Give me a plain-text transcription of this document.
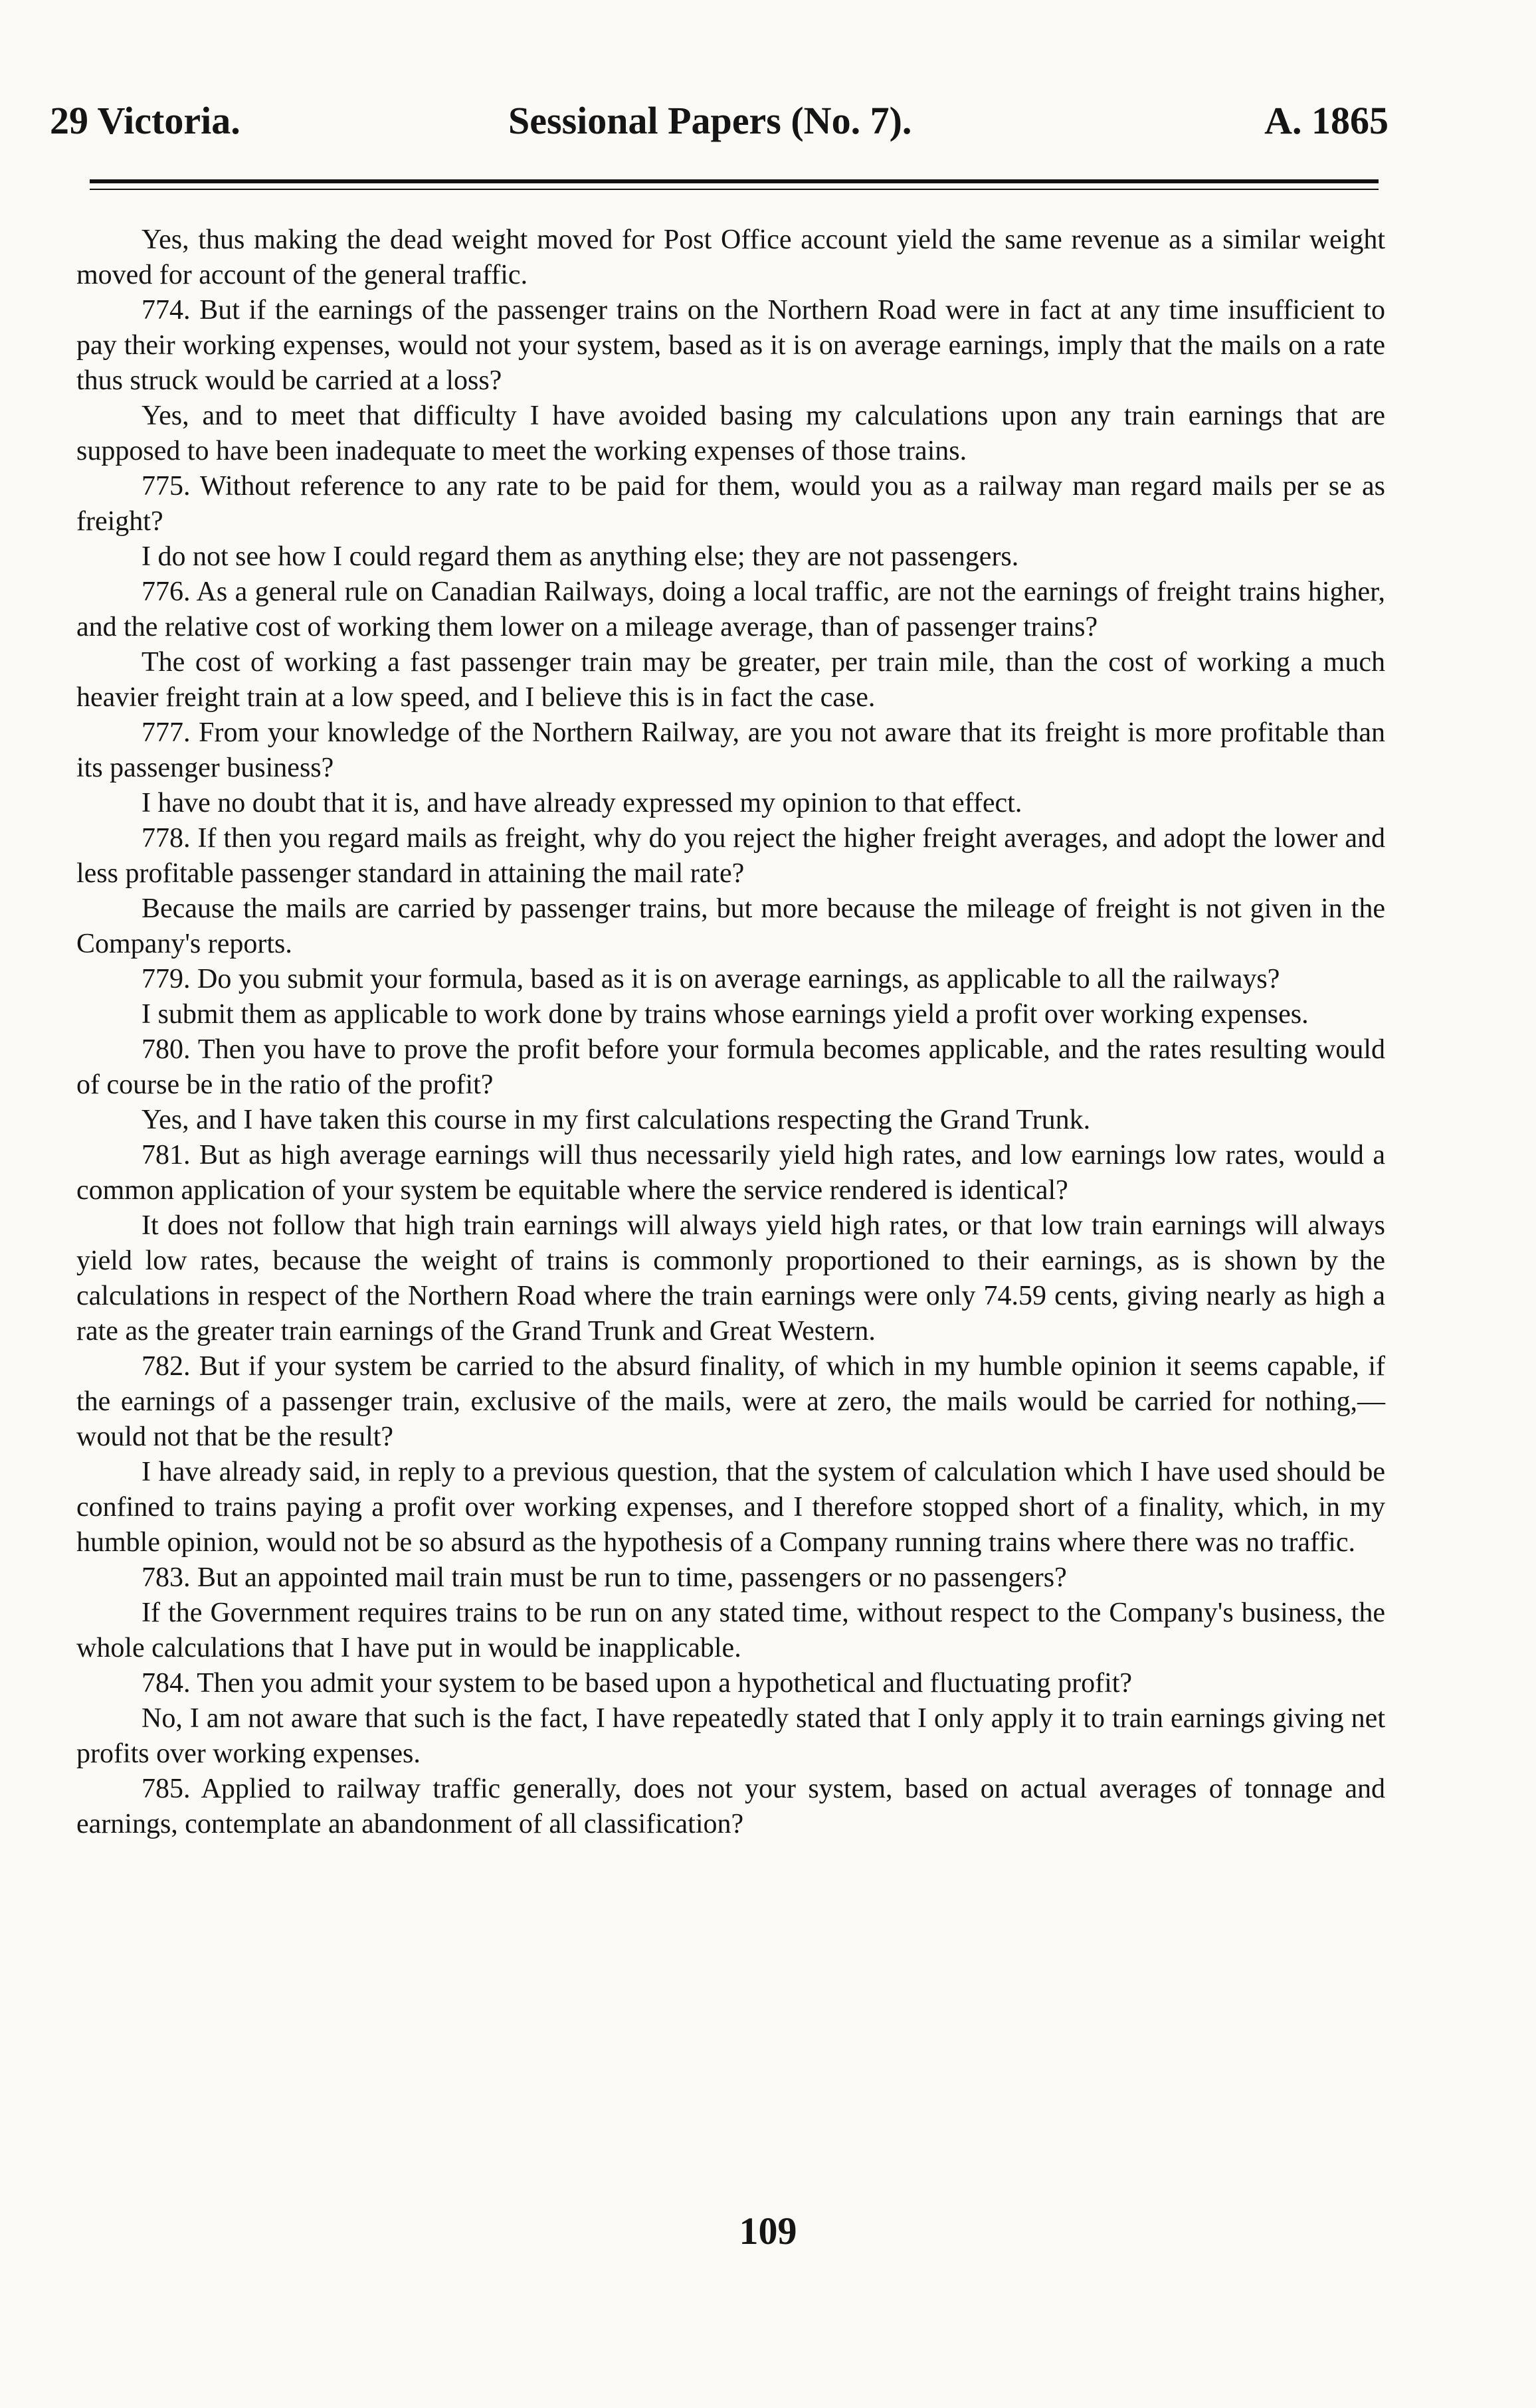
29 Victoria.	Sessional Papers (No. 7).	A. 1865

Yes, thus making the dead weight moved for Post Office account yield the same revenue as a similar weight moved for account of the general traffic.

774. But if the earnings of the passenger trains on the Northern Road were in fact at any time insufficient to pay their working expenses, would not your system, based as it is on average earnings, imply that the mails on a rate thus struck would be carried at a loss?

Yes, and to meet that difficulty I have avoided basing my calculations upon any train earnings that are supposed to have been inadequate to meet the working expenses of those trains.

775. Without reference to any rate to be paid for them, would you as a railway man regard mails per se as freight?

I do not see how I could regard them as anything else; they are not passengers.

776. As a general rule on Canadian Railways, doing a local traffic, are not the earnings of freight trains higher, and the relative cost of working them lower on a mileage average, than of passenger trains?

The cost of working a fast passenger train may be greater, per train mile, than the cost of working a much heavier freight train at a low speed, and I believe this is in fact the case.

777. From your knowledge of the Northern Railway, are you not aware that its freight is more profitable than its passenger business?

I have no doubt that it is, and have already expressed my opinion to that effect.

778. If then you regard mails as freight, why do you reject the higher freight averages, and adopt the lower and less profitable passenger standard in attaining the mail rate?

Because the mails are carried by passenger trains, but more because the mileage of freight is not given in the Company's reports.

779. Do you submit your formula, based as it is on average earnings, as applicable to all the railways?

I submit them as applicable to work done by trains whose earnings yield a profit over working expenses.

780. Then you have to prove the profit before your formula becomes applicable, and the rates resulting would of course be in the ratio of the profit?

Yes, and I have taken this course in my first calculations respecting the Grand Trunk.

781. But as high average earnings will thus necessarily yield high rates, and low earnings low rates, would a common application of your system be equitable where the service rendered is identical?

It does not follow that high train earnings will always yield high rates, or that low train earnings will always yield low rates, because the weight of trains is commonly proportioned to their earnings, as is shown by the calculations in respect of the Northern Road where the train earnings were only 74.59 cents, giving nearly as high a rate as the greater train earnings of the Grand Trunk and Great Western.

782. But if your system be carried to the absurd finality, of which in my humble opinion it seems capable, if the earnings of a passenger train, exclusive of the mails, were at zero, the mails would be carried for nothing,—would not that be the result?

I have already said, in reply to a previous question, that the system of calculation which I have used should be confined to trains paying a profit over working expenses, and I therefore stopped short of a finality, which, in my humble opinion, would not be so absurd as the hypothesis of a Company running trains where there was no traffic.

783. But an appointed mail train must be run to time, passengers or no passengers?

If the Government requires trains to be run on any stated time, without respect to the Company's business, the whole calculations that I have put in would be inapplicable.

784. Then you admit your system to be based upon a hypothetical and fluctuating profit?

No, I am not aware that such is the fact, I have repeatedly stated that I only apply it to train earnings giving net profits over working expenses.

785. Applied to railway traffic generally, does not your system, based on actual averages of tonnage and earnings, contemplate an abandonment of all classification?

109
